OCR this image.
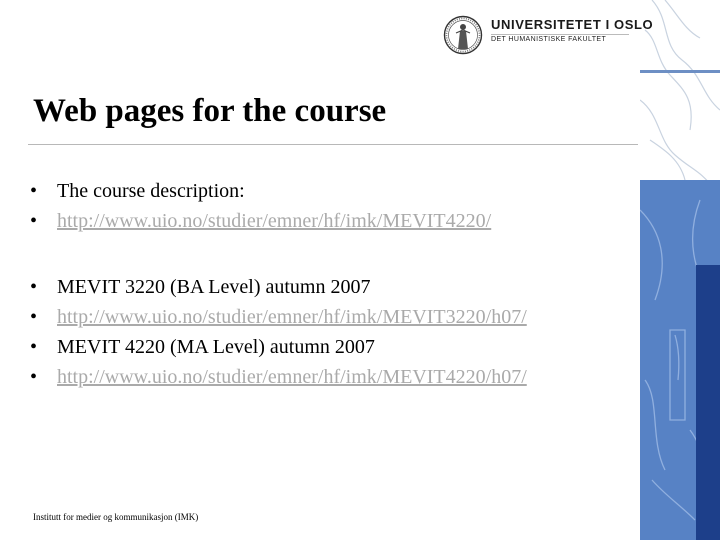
UNIVERSITETET I OSLO
DET HUMANISTISKE FAKULTET
Web pages for the course
• The course description:
• http://www.uio.no/studier/emner/hf/imk/MEVIT4220/
• MEVIT 3220 (BA Level) autumn 2007
• http://www.uio.no/studier/emner/hf/imk/MEVIT3220/h07/
• MEVIT 4220 (MA Level) autumn 2007
• http://www.uio.no/studier/emner/hf/imk/MEVIT4220/h07/
Institutt for medier og kommunikasjon (IMK)
